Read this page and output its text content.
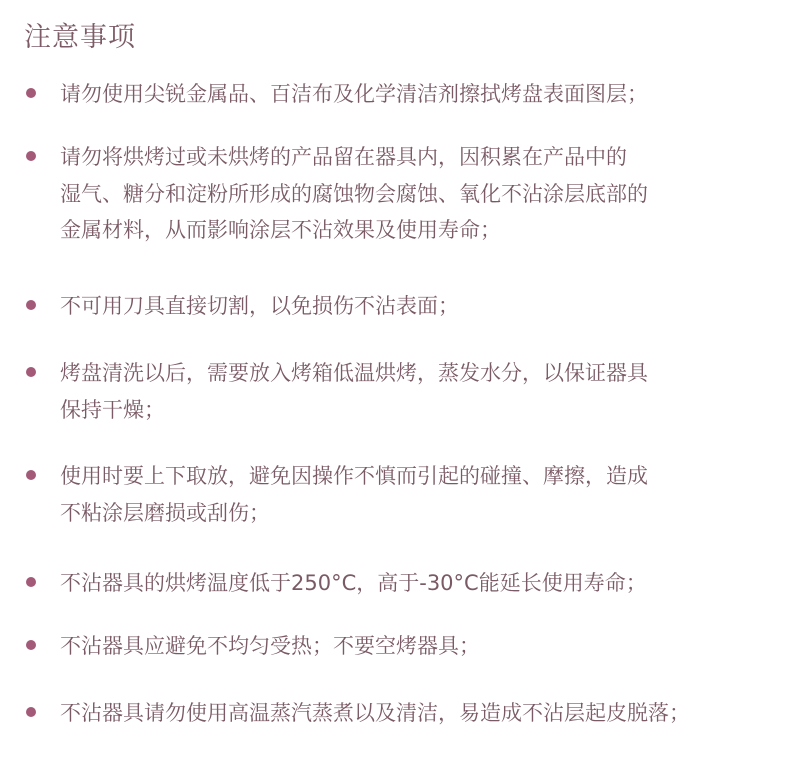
注意事项
请勿使用尖锐金属品、百洁布及化学清洁剂擦拭烤盘表面图层；
请勿将烘烤过或未烘烤的产品留在器具内，因积累在产品中的
湿气、糖分和淀粉所形成的腐蚀物会腐蚀、氧化不沾涂层底部的
金属材料，从而影响涂层不沾效果及使用寿命；
不可用刀具直接切割，以免损伤不沾表面；
烤盘清洗以后，需要放入烤箱低温烘烤，蒸发水分，以保证器具
保持干燥；
使用时要上下取放，避免因操作不慎而引起的碰撞、摩擦，造成
不粘涂层磨损或刮伤；
不沾器具的烘烤温度低于250°C，高于-30°C能延长使用寿命；
不沾器具应避免不均匀受热；不要空烤器具；
不沾器具请勿使用高温蒸汽蒸煮以及清洁，易造成不沾层起皮脱落；
